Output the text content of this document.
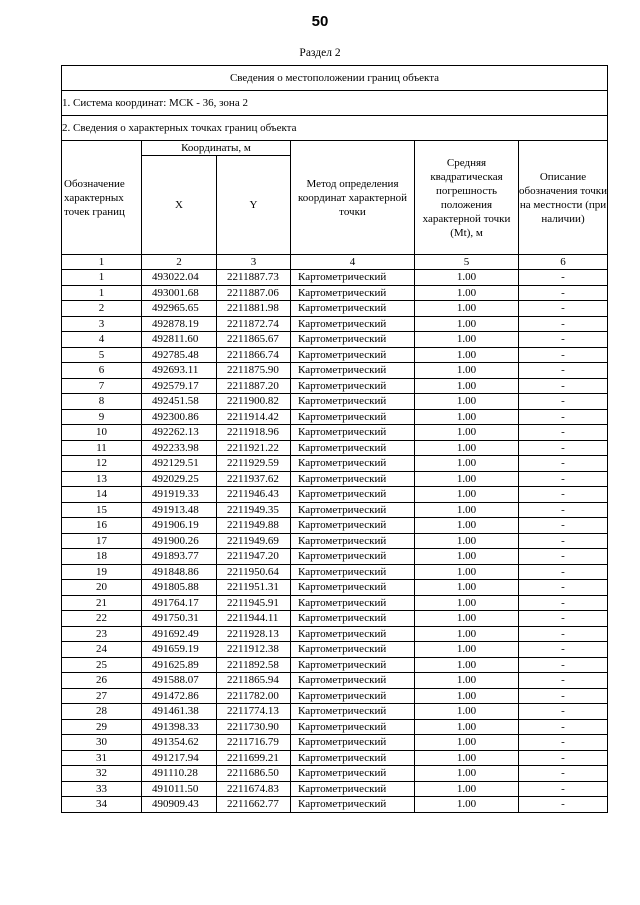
50
Раздел 2
Сведения о местоположении границ объекта					
1. Система координат: МСК - 36, зона 2					
2. Сведения о характерных точках границ объекта					
Обозначение характерных точек границ	Координаты, м		Метод определения координат характерной точки	Средняя квадратическая погрешность положения характерной точки (Mt), м	Описание обозначения точки на местности (при наличии)
	X	Y			
1	2	3	4	5	6
1	493022.04	2211887.73	Картометрический	1.00	-
1	493001.68	2211887.06	Картометрический	1.00	-
2	492965.65	2211881.98	Картометрический	1.00	-
3	492878.19	2211872.74	Картометрический	1.00	-
4	492811.60	2211865.67	Картометрический	1.00	-
5	492785.48	2211866.74	Картометрический	1.00	-
6	492693.11	2211875.90	Картометрический	1.00	-
7	492579.17	2211887.20	Картометрический	1.00	-
8	492451.58	2211900.82	Картометрический	1.00	-
9	492300.86	2211914.42	Картометрический	1.00	-
10	492262.13	2211918.96	Картометрический	1.00	-
11	492233.98	2211921.22	Картометрический	1.00	-
12	492129.51	2211929.59	Картометрический	1.00	-
13	492029.25	2211937.62	Картометрический	1.00	-
14	491919.33	2211946.43	Картометрический	1.00	-
15	491913.48	2211949.35	Картометрический	1.00	-
16	491906.19	2211949.88	Картометрический	1.00	-
17	491900.26	2211949.69	Картометрический	1.00	-
18	491893.77	2211947.20	Картометрический	1.00	-
19	491848.86	2211950.64	Картометрический	1.00	-
20	491805.88	2211951.31	Картометрический	1.00	-
21	491764.17	2211945.91	Картометрический	1.00	-
22	491750.31	2211944.11	Картометрический	1.00	-
23	491692.49	2211928.13	Картометрический	1.00	-
24	491659.19	2211912.38	Картометрический	1.00	-
25	491625.89	2211892.58	Картометрический	1.00	-
26	491588.07	2211865.94	Картометрический	1.00	-
27	491472.86	2211782.00	Картометрический	1.00	-
28	491461.38	2211774.13	Картометрический	1.00	-
29	491398.33	2211730.90	Картометрический	1.00	-
30	491354.62	2211716.79	Картометрический	1.00	-
31	491217.94	2211699.21	Картометрический	1.00	-
32	491110.28	2211686.50	Картометрический	1.00	-
33	491011.50	2211674.83	Картометрический	1.00	-
34	490909.43	2211662.77	Картометрический	1.00	-
